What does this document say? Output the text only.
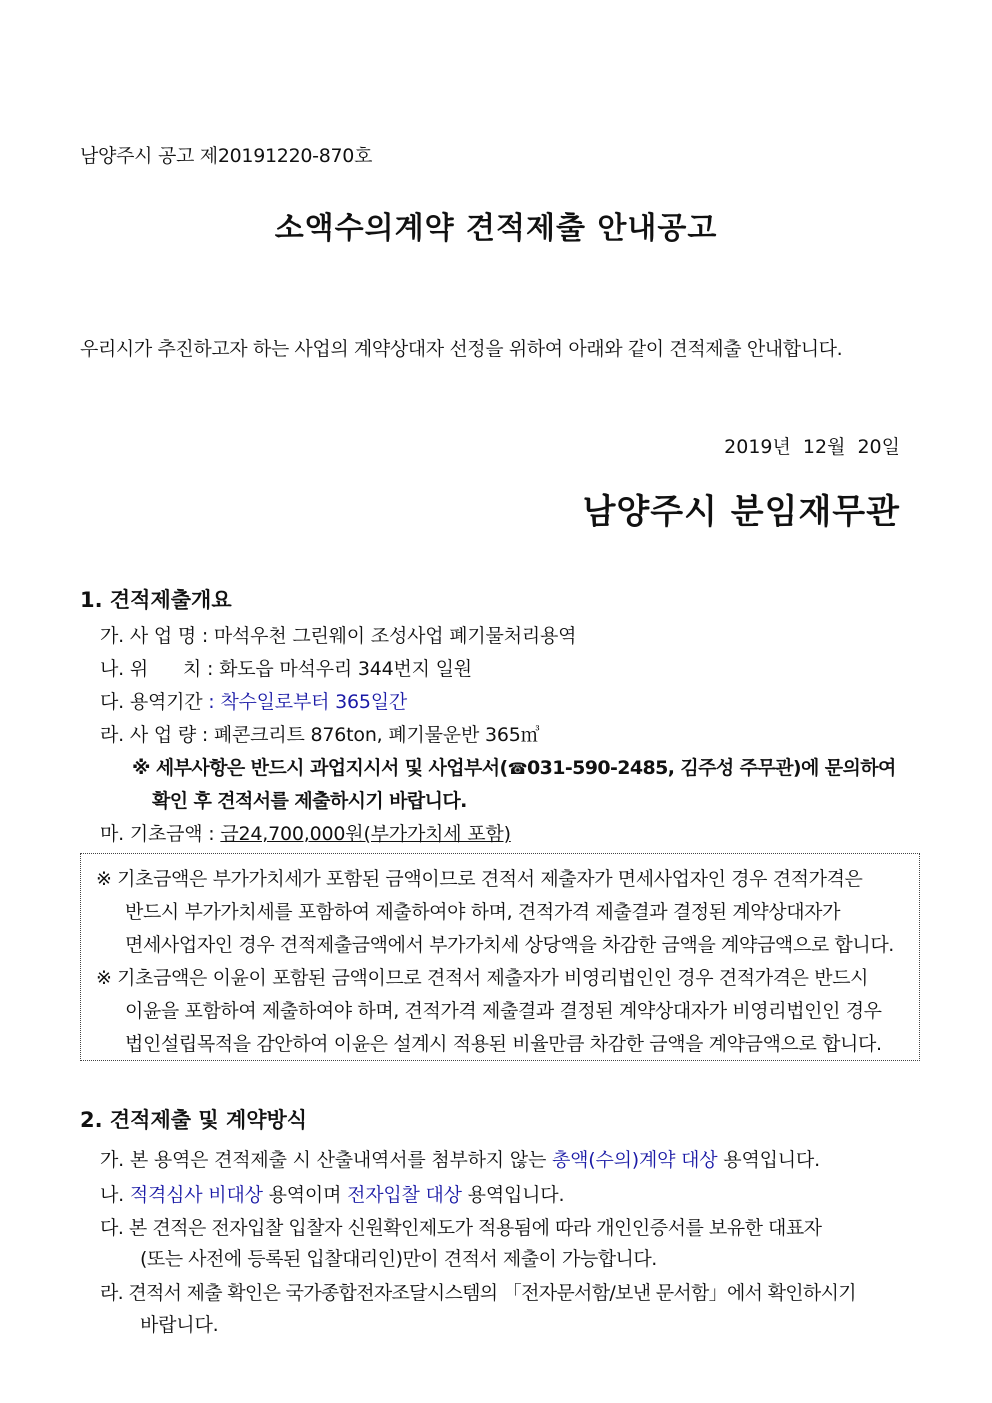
남양주시 공고 제20191220-870호
소액수의계약 견적제출 안내공고
우리시가 추진하고자 하는 사업의 계약상대자 선정을 위하여 아래와 같이 견적제출 안내합니다.
2019년 12월 20일
남양주시 분임재무관
1. 견적제출개요
가. 사 업 명 : 마석우천 그린웨이 조성사업 폐기물처리용역
나. 위      치 : 화도읍 마석우리 344번지 일원
다. 용역기간 : 착수일로부터 365일간
라. 사 업 량 : 폐콘크리트 876ton, 폐기물운반 365㎥
※ 세부사항은 반드시 과업지시서 및 사업부서(☎031-590-2485, 김주성 주무관)에 문의하여
확인 후 견적서를 제출하시기 바랍니다.
마. 기초금액 : 금24,700,000원(부가가치세 포함)
※ 기초금액은 부가가치세가 포함된 금액이므로 견적서 제출자가 면세사업자인 경우 견적가격은
반드시 부가가치세를 포함하여 제출하여야 하며, 견적가격 제출결과 결정된 계약상대자가
면세사업자인 경우 견적제출금액에서 부가가치세 상당액을 차감한 금액을 계약금액으로 합니다.
※ 기초금액은 이윤이 포함된 금액이므로 견적서 제출자가 비영리법인인 경우 견적가격은 반드시
이윤을 포함하여 제출하여야 하며, 견적가격 제출결과 결정된 계약상대자가 비영리법인인 경우
법인설립목적을 감안하여 이윤은 설계시 적용된 비율만큼 차감한 금액을 계약금액으로 합니다.
2. 견적제출 및 계약방식
가. 본 용역은 견적제출 시 산출내역서를 첨부하지 않는 총액(수의)계약 대상 용역입니다.
나. 적격심사 비대상 용역이며 전자입찰 대상 용역입니다.
다. 본 견적은 전자입찰 입찰자 신원확인제도가 적용됨에 따라 개인인증서를 보유한 대표자
(또는 사전에 등록된 입찰대리인)만이 견적서 제출이 가능합니다.
라. 견적서 제출 확인은 국가종합전자조달시스템의 「전자문서함/보낸 문서함」에서 확인하시기
바랍니다.
